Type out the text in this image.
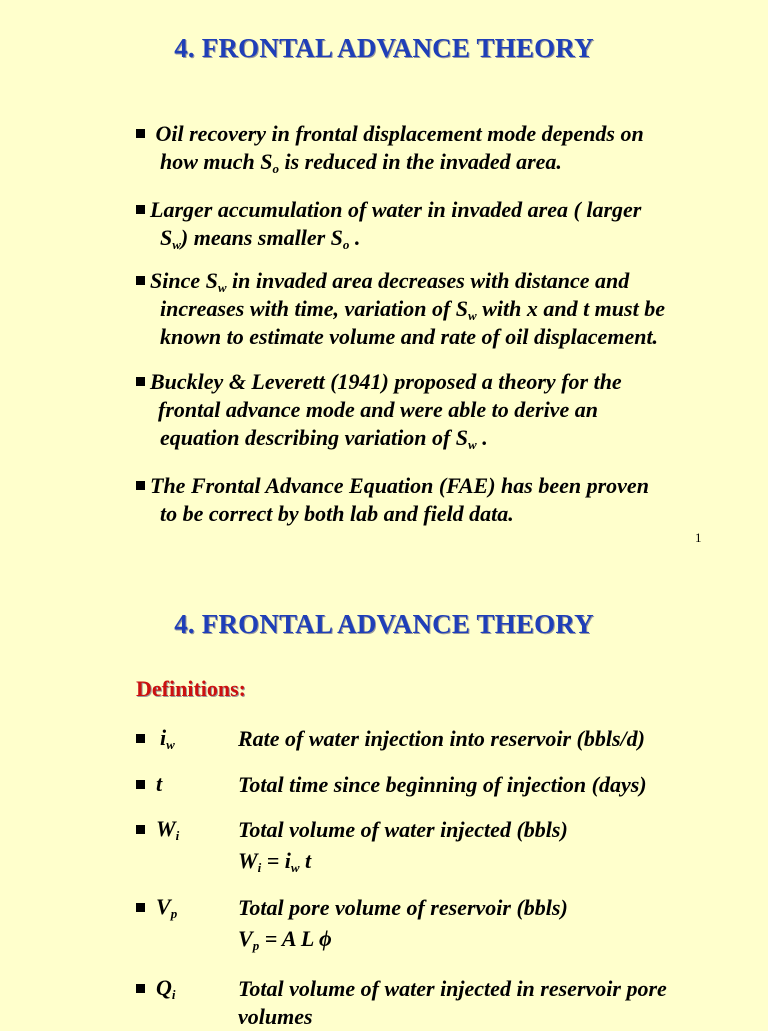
4. FRONTAL ADVANCE THEORY
Oil recovery in frontal displacement mode depends on
how much $S_o$ is reduced in the invaded area.
Larger accumulation of water in invaded area ( larger
$S_w$) means smaller $S_o$ .
Since $S_w$ in invaded area decreases with distance and
increases with time, variation of $S_w$ with x and t must be
known to estimate volume and rate of oil displacement.
Buckley & Leverett (1941) proposed a theory for the
frontal advance mode and were able to derive an
equation describing variation of $S_w$ .
The Frontal Advance Equation (FAE) has been proven
to be correct by both lab and field data.
1
4. FRONTAL ADVANCE THEORY
Definitions:
$i_w$	Rate of water injection into reservoir (bbls/d)
t	Total time since beginning of injection (days)
$W_i$	Total volume of water injected (bbls)
$W_i = i_w$ t
$V_p$	Total pore volume of reservoir (bbls)
$V_p = A$ L ϕ
$Q_i$	Total volume of water injected in reservoir pore volumes
